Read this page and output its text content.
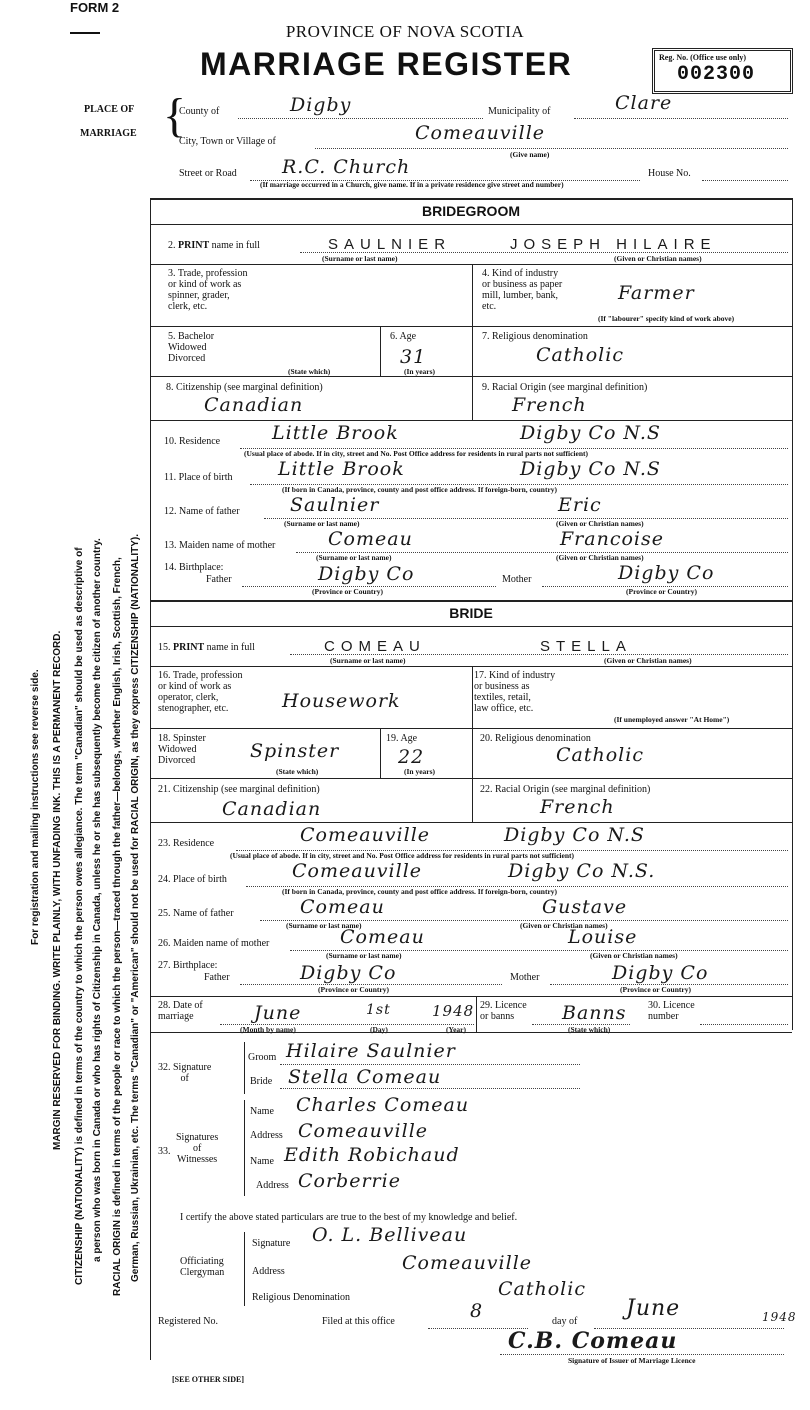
FORM 2
PROVINCE OF NOVA SCOTIA
MARRIAGE REGISTER	Reg. No. (Office use only)
002300
PLACE OF
MARRIAGE {
County of	Digby	Municipality of	Clare
City, Town or Village of	Comeauville
(Give name)
Street or Road R.C. Church	House No.
(If marriage occurred in a Church, give name. If in a private residence give street and number)
For registration and mailing instructions see reverse side. MARGIN RESERVED FOR BINDING. WRITE PLAINLY, WITH UNFADING INK. THIS IS A PERMANENT RECORD. CITIZENSHIP (NATIONALITY) is defined in terms of the country to which the person owes allegiance. The term "Canadian" should be used as descriptive of a person who was born in Canada or who has rights of Citizenship in Canada, unless he or she has subsequently become the citizen of another country. RACIAL ORIGIN is defined in terms of the people or race to which the person—traced through the father—belongs, whether English, Irish, Scottish, French, German, Russian, Ukrainian, etc. The terms "Canadian" or "American" should not be used for RACIAL ORIGIN, as they express CITIZENSHIP (NATIONALITY).
BRIDEGROOM
2. PRINT name in full	SAULNIER	JOSEPH HILAIRE
(Surname or last name)	(Given or Christian names)
3. Trade, profession
or kind of work as
spinner, grader,
clerk, etc.
4. Kind of industry
or business as paper
mill, lumber, bank,
etc.
Farmer
(If "labourer" specify kind of work above)
5. Bachelor
Widowed
Divorced
(State which)
6. Age
31
(In years)
7. Religious denomination
Catholic
8. Citizenship (see marginal definition)
Canadian
9. Racial Origin (see marginal definition)
French
10. Residence	Little Brook	Digby Co N.S
(Usual place of abode. If in city, street and No. Post Office address for residents in rural parts not sufficient)
11. Place of birth Little Brook	Digby Co N.S
(If born in Canada, province, county and post office address. If foreign-born, country)
12. Name of father	Saulnier	Eric
(Surname or last name)	(Given or Christian names)
13. Maiden name of mother	Comeau	Francoise
(Surname or last name)	(Given or Christian names)
14. Birthplace:
Father	Digby Co	Mother	Digby Co
(Province or Country)	(Province or Country)
BRIDE
15. PRINT name in full	COMEAU	STELLA
(Surname or last name)	(Given or Christian names)
16. Trade, profession
or kind of work as
operator, clerk,
stenographer, etc.	Housework
17. Kind of industry
or business as
textiles, retail,
law office, etc.
(If unemployed answer "At Home")
18. Spinster
Widowed
Divorced	Spinster
(State which)
19. Age
22
(In years)
20. Religious denomination
Catholic
21. Citizenship (see marginal definition)
Canadian
22. Racial Origin (see marginal definition)
French
23. Residence	Comeauville	Digby Co N.S
(Usual place of abode. If in city, street and No. Post Office address for residents in rural parts not sufficient)
24. Place of birth	Comeauville	Digby Co N.S.
(If born in Canada, province, county and post office address. If foreign-born, country)
25. Name of father	Comeau	Gustave
(Surname or last name)	(Given or Christian names)
26. Maiden name of mother	Comeau	Louise
(Surname or last name)	(Given or Christian names)
27. Birthplace:
Father	Digby Co	Mother	Digby Co
(Province or Country)	(Province or Country)
28. Date of
marriage	June	1st	1948
(Month by name)	(Day)	(Year)
29. Licence
or banns	Banns
(State which)
30. Licence
number
32. Signature
of
Groom Hilaire Saulnier
Bride Stella Comeau
Signatures
of
Witnesses
33.
Name Charles Comeau
Address Comeauville
Name Edith Robichaud
Address Corberrie
I certify the above stated particulars are true to the best of my knowledge and belief.
Officiating
Clergyman
Signature O. L. Belliveau
Address	Comeauville
Religious Denomination	Catholic
Registered No.	Filed at this office	8	day of
June	1948
C.B. Comeau
Signature of Issuer of Marriage Licence
[SEE OTHER SIDE]
